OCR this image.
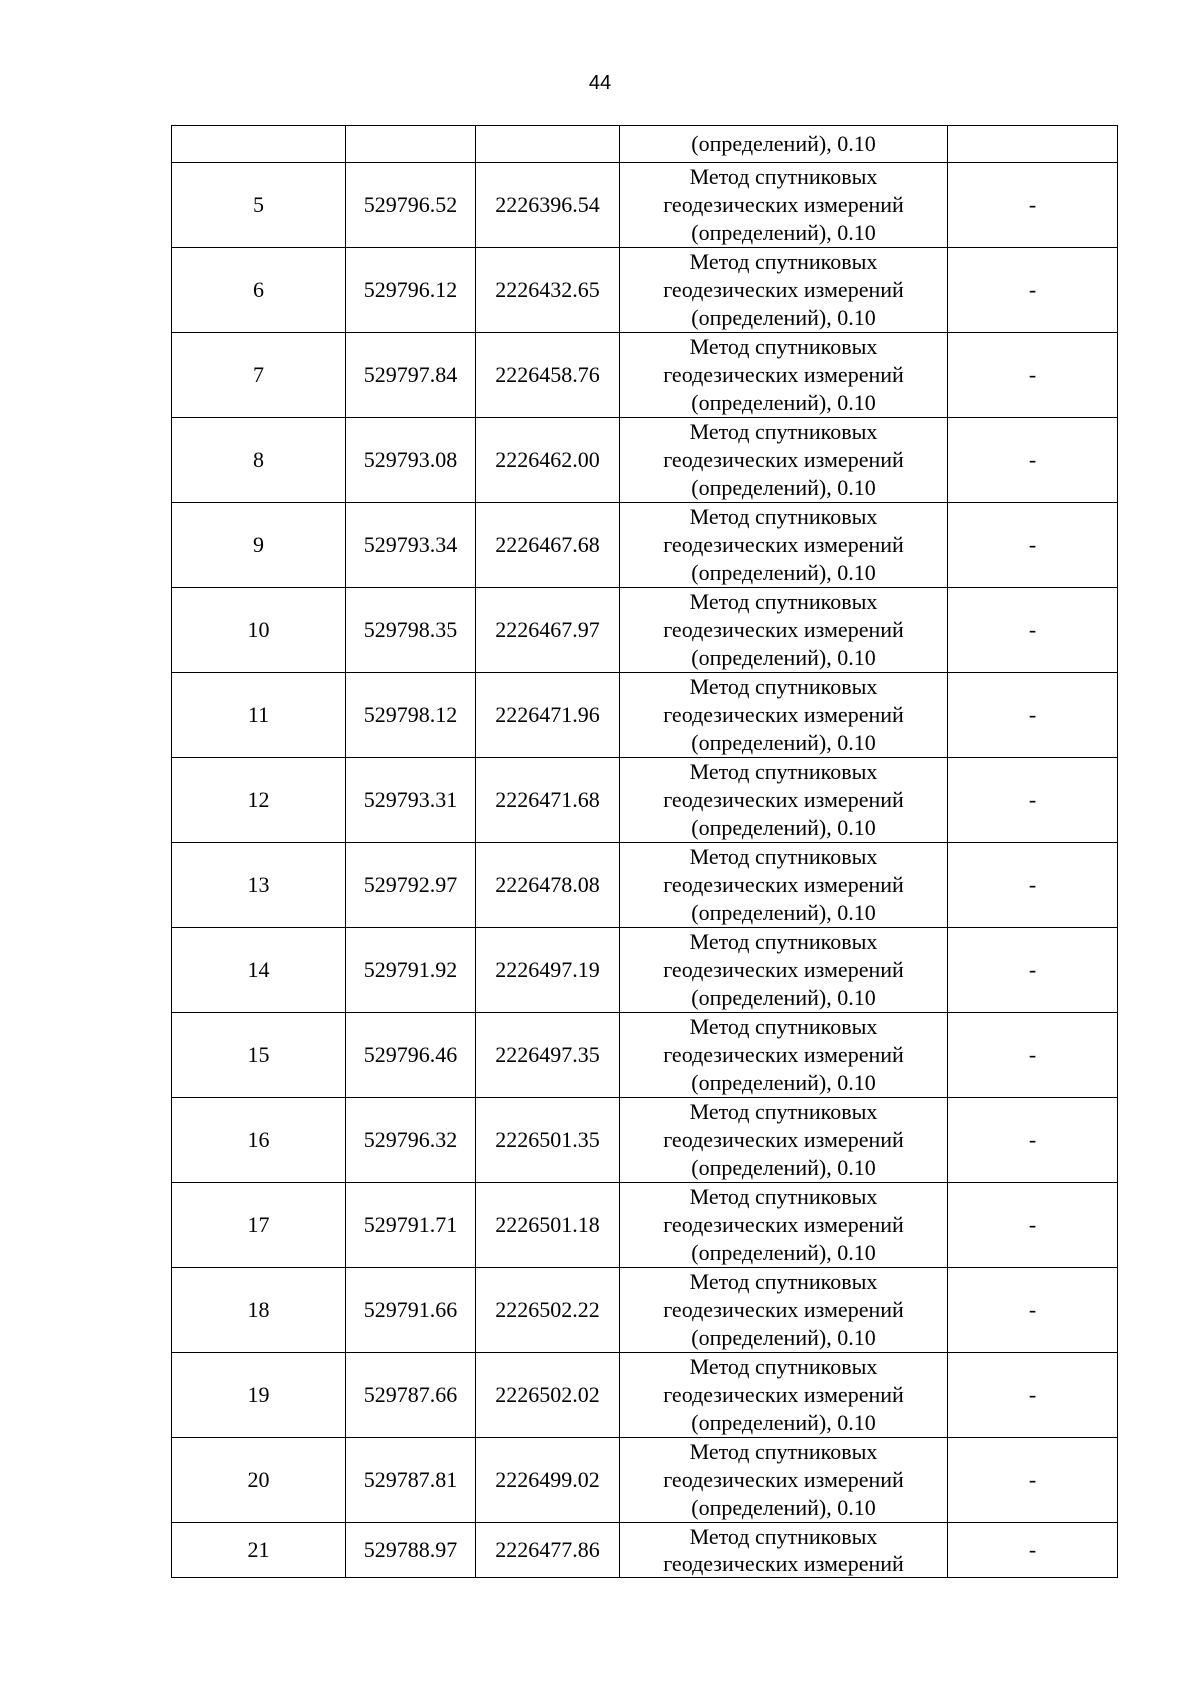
44
			(определений), 0.10	
5	529796.52	2226396.54	Метод спутниковых
геодезических измерений
(определений), 0.10	-
6	529796.12	2226432.65	Метод спутниковых
геодезических измерений
(определений), 0.10	-
7	529797.84	2226458.76	Метод спутниковых
геодезических измерений
(определений), 0.10	-
8	529793.08	2226462.00	Метод спутниковых
геодезических измерений
(определений), 0.10	-
9	529793.34	2226467.68	Метод спутниковых
геодезических измерений
(определений), 0.10	-
10	529798.35	2226467.97	Метод спутниковых
геодезических измерений
(определений), 0.10	-
11	529798.12	2226471.96	Метод спутниковых
геодезических измерений
(определений), 0.10	-
12	529793.31	2226471.68	Метод спутниковых
геодезических измерений
(определений), 0.10	-
13	529792.97	2226478.08	Метод спутниковых
геодезических измерений
(определений), 0.10	-
14	529791.92	2226497.19	Метод спутниковых
геодезических измерений
(определений), 0.10	-
15	529796.46	2226497.35	Метод спутниковых
геодезических измерений
(определений), 0.10	-
16	529796.32	2226501.35	Метод спутниковых
геодезических измерений
(определений), 0.10	-
17	529791.71	2226501.18	Метод спутниковых
геодезических измерений
(определений), 0.10	-
18	529791.66	2226502.22	Метод спутниковых
геодезических измерений
(определений), 0.10	-
19	529787.66	2226502.02	Метод спутниковых
геодезических измерений
(определений), 0.10	-
20	529787.81	2226499.02	Метод спутниковых
геодезических измерений
(определений), 0.10	-
21	529788.97	2226477.86	Метод спутниковых
геодезических измерений	-
